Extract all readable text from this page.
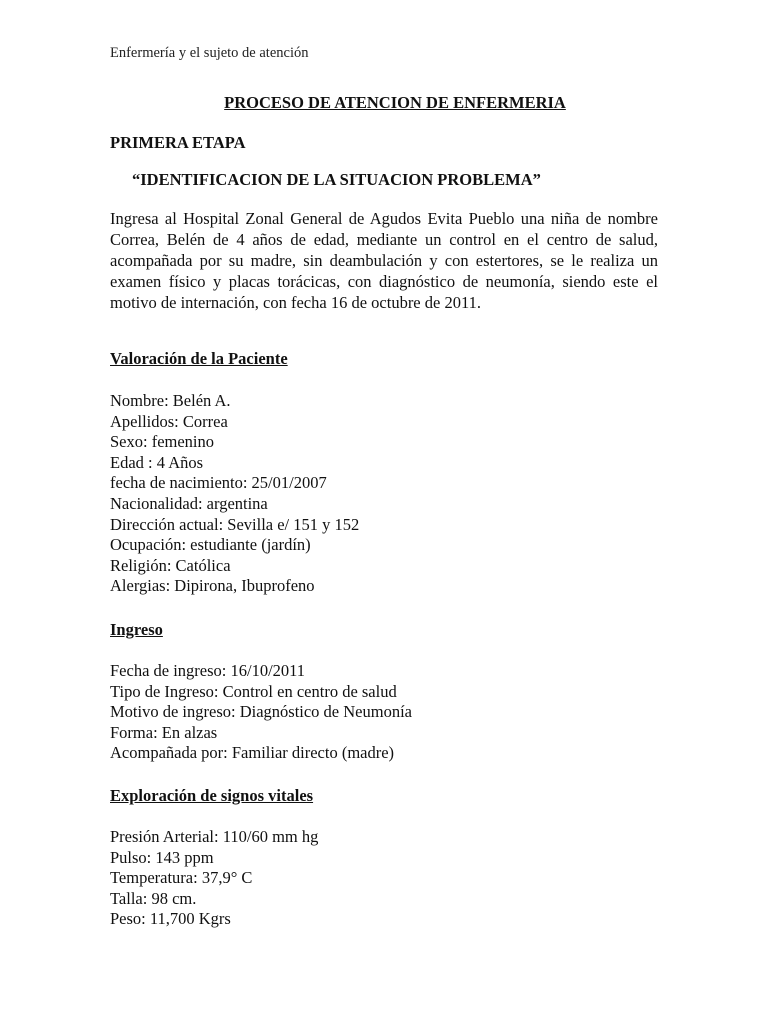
Enfermería y el sujeto de atención
PROCESO DE ATENCION DE ENFERMERIA
PRIMERA ETAPA
“IDENTIFICACION DE LA SITUACION PROBLEMA”

Ingresa al Hospital Zonal General de Agudos Evita Pueblo una niña de nombre Correa, Belén de 4 años de edad, mediante un control en el centro de salud, acompañada por su madre, sin deambulación y con estertores, se le realiza un examen físico y placas torácicas, con diagnóstico de neumonía, siendo este el motivo de internación, con fecha 16 de octubre de 2011.

Valoración de la Paciente
Nombre: Belén A.
Apellidos: Correa
Sexo: femenino
Edad : 4 Años
fecha de nacimiento: 25/01/2007
Nacionalidad: argentina
Dirección actual: Sevilla e/ 151 y 152
Ocupación: estudiante (jardín)
Religión: Católica
Alergias: Dipirona, Ibuprofeno
Ingreso
Fecha de ingreso: 16/10/2011
Tipo de Ingreso: Control en centro de salud
Motivo de ingreso: Diagnóstico de Neumonía
Forma: En alzas
Acompañada por: Familiar directo (madre)
Exploración de signos vitales
Presión Arterial: 110/60 mm hg
Pulso: 143 ppm
Temperatura: 37,9° C
Talla: 98 cm.
Peso: 11,700 Kgrs
